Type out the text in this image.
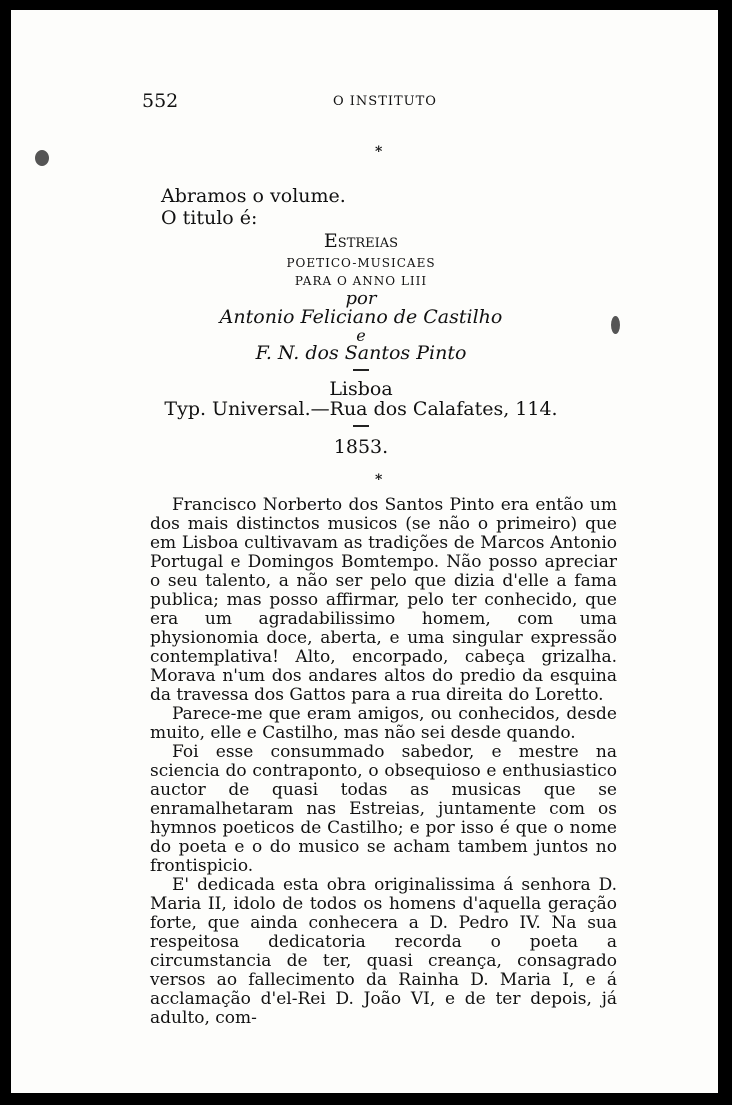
552	O INSTITUTO
*
Abramos o volume.
O titulo é:
Estreias
POETICO-MUSICAES
PARA O ANNO LIII
por
Antonio Feliciano de Castilho
e
F. N. dos Santos Pinto
Lisboa
Typ. Universal.—Rua dos Calafates, 114.
1853.
*

Francisco Norberto dos Santos Pinto era então um dos mais distinctos musicos (se não o primeiro) que em Lisboa cultivavam as tradições de Marcos Antonio Portugal e Domingos Bomtempo. Não posso apreciar o seu talento, a não ser pelo que dizia d'elle a fama publica; mas posso affirmar, pelo ter conhecido, que era um agradabilissimo homem, com uma physionomia doce, aberta, e uma singular expressão contemplativa! Alto, encorpado, cabeça grizalha. Morava n'um dos andares altos do predio da esquina da travessa dos Gattos para a rua direita do Loretto.

Parece-me que eram amigos, ou conhecidos, desde muito, elle e Castilho, mas não sei desde quando.

Foi esse consummado sabedor, e mestre na sciencia do contraponto, o obsequioso e enthusiastico auctor de quasi todas as musicas que se enramalhetaram nas Estreias, juntamente com os hymnos poeticos de Castilho; e por isso é que o nome do poeta e o do musico se acham tambem juntos no frontispicio.

E' dedicada esta obra originalissima á senhora D. Maria II, idolo de todos os homens d'aquella geração forte, que ainda conhecera a D. Pedro IV. Na sua respeitosa dedicatoria recorda o poeta a circumstancia de ter, quasi creança, consagrado versos ao fallecimento da Rainha D. Maria I, e á acclamação d'el-Rei D. João VI, e de ter depois, já adulto, com-
